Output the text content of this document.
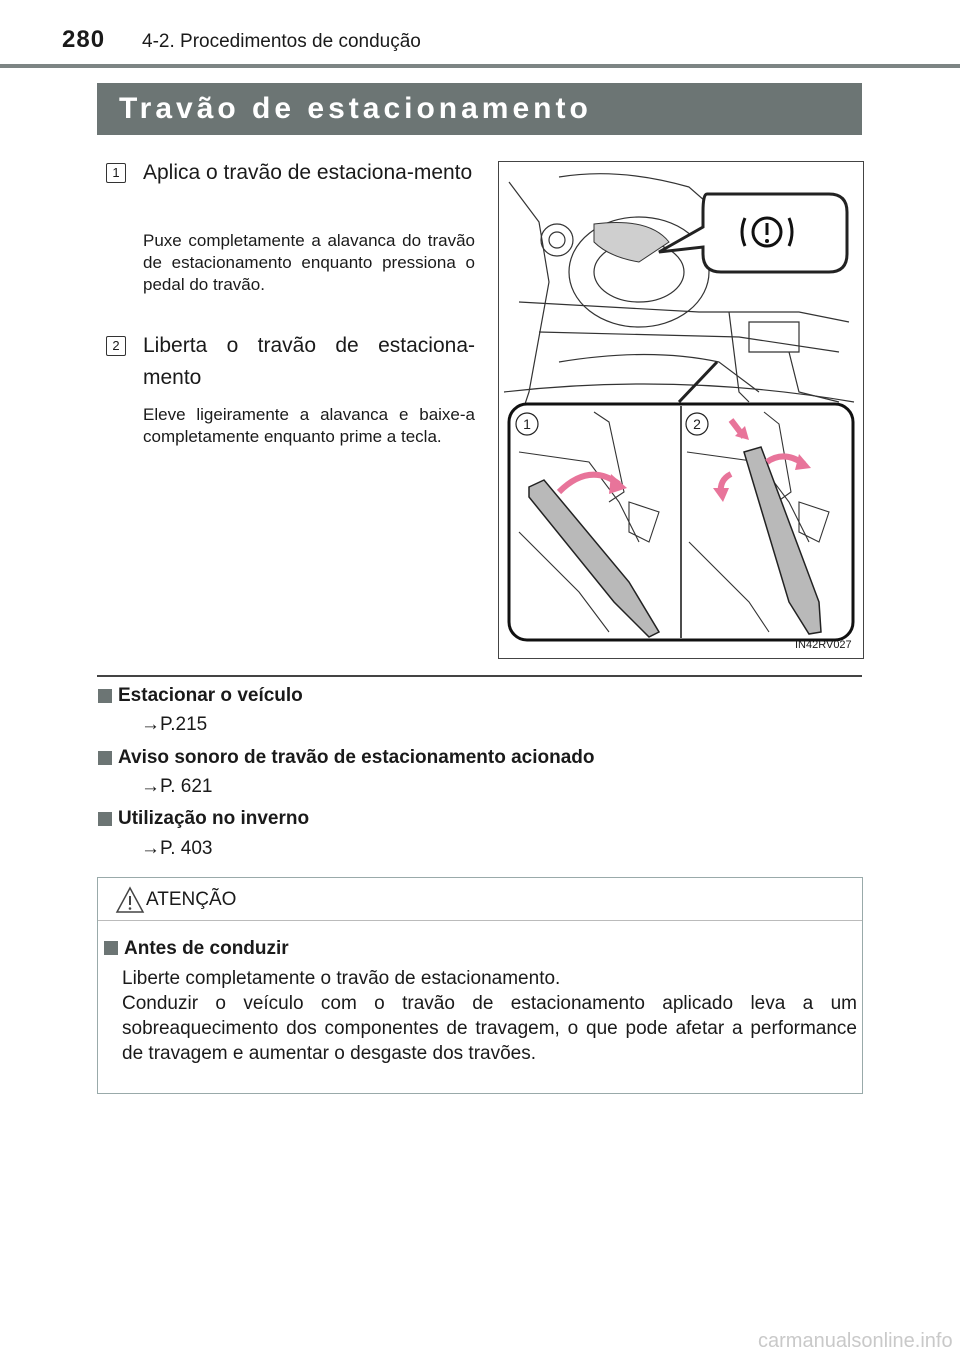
280 4-2. Procedimentos de condução
Travão de estacionamento
1	Aplica o travão de estaciona-mento
Puxe completamente a alavanca do travão de estacionamento enquanto pressiona o pedal do travão.
2	Liberta o travão de estaciona-mento
Eleve ligeiramente a alavanca e baixe-a completamente enquanto prime a tecla.
1	2
IN42RV027
Estacionar o veículo
→P.215
Aviso sonoro de travão de estacionamento acionado
→P. 621
Utilização no inverno
→P. 403
ATENÇÃO
Antes de conduzir
Liberte completamente o travão de estacionamento.
Conduzir o veículo com o travão de estacionamento aplicado leva a um sobreaquecimento dos componentes de travagem, o que pode afetar a performance de travagem e aumentar o desgaste dos travões.
carmanualsonline.info
